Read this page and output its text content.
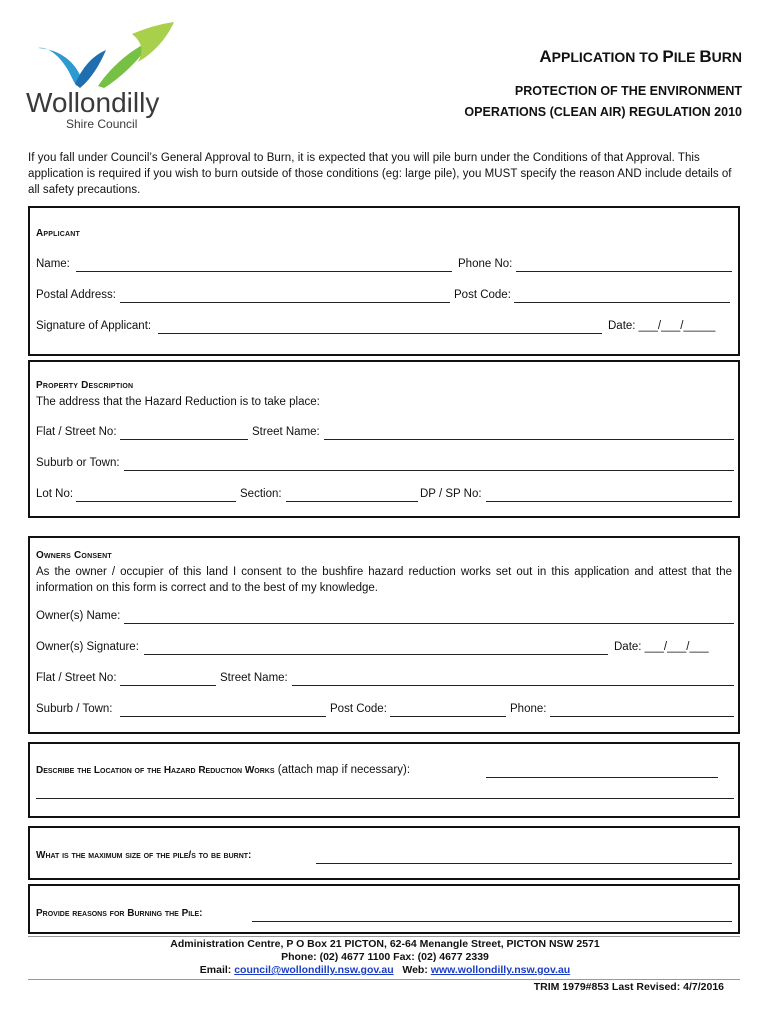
Wollondilly
Shire Council
APPLICATION TO PILE BURN
PROTECTION OF THE ENVIRONMENT
OPERATIONS (CLEAN AIR) REGULATION 2010
If you fall under Council’s General Approval to Burn, it is expected that you will pile burn under the Conditions of that Approval. This application is required if you wish to burn outside of those conditions (eg: large pile), you MUST specify the reason AND include details of all safety precautions.
Applicant
Name:	Phone No:
Postal Address:	Post Code:
Signature of Applicant:	Date: ___/___/_____
Property Description
The address that the Hazard Reduction is to take place:
Flat / Street No:	Street Name:
Suburb or Town:
Lot No:	Section:	DP / SP No:
Owners Consent
As the owner / occupier of this land I consent to the bushfire hazard reduction works set out in this application and attest that the information on this form is correct and to the best of my knowledge.
Owner(s) Name:
Owner(s) Signature:	Date: ___/___/___
Flat / Street No:	Street Name:
Suburb / Town:	Post Code:	Phone:
Describe the Location of the Hazard Reduction Works (attach map if necessary):
What is the maximum size of the pile/s to be burnt:
Provide reasons for Burning the Pile:
Administration Centre, P O Box 21 PICTON, 62-64 Menangle Street, PICTON NSW 2571
Phone: (02) 4677 1100 Fax: (02) 4677 2339
Email: council@wollondilly.nsw.gov.au Web: www.wollondilly.nsw.gov.au
TRIM 1979#853 Last Revised: 4/7/2016
